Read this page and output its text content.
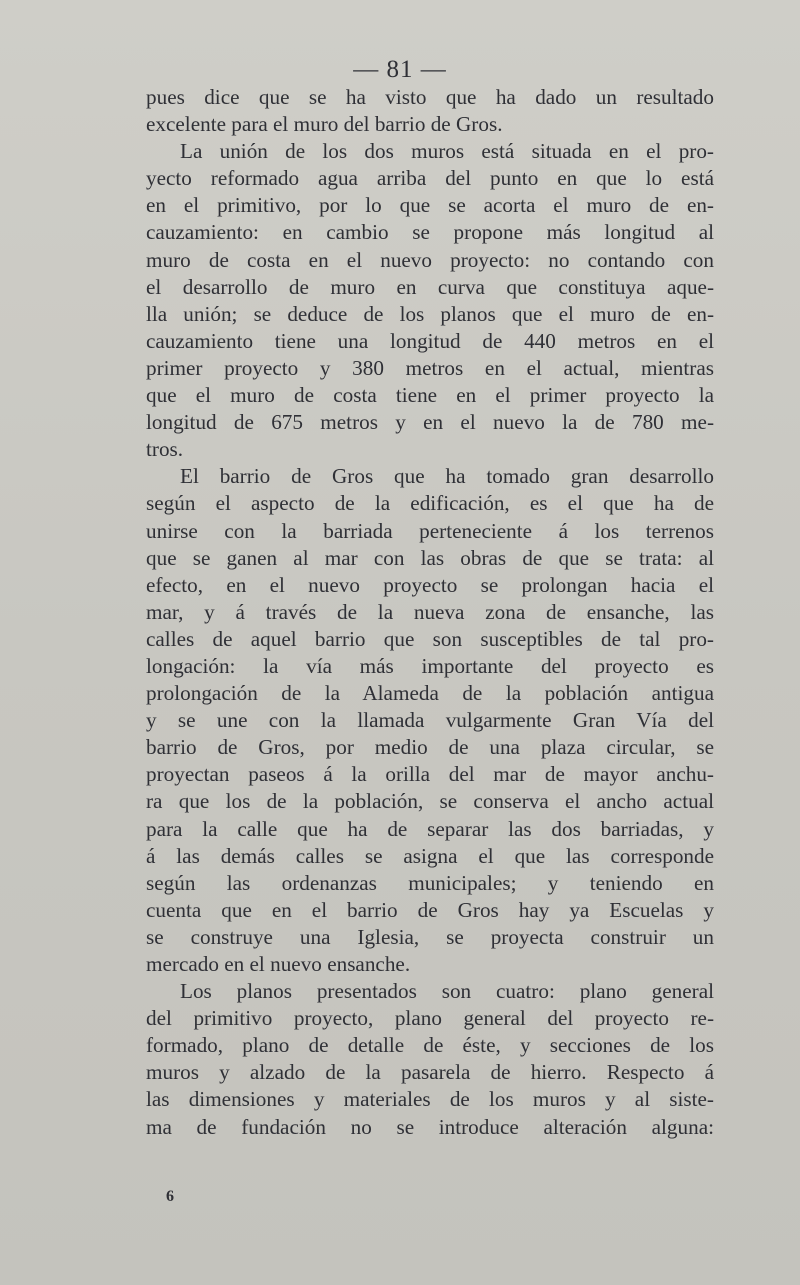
— 81 —
pues dice que se ha visto que ha dado un resultado
excelente para el muro del barrio de Gros.
La unión de los dos muros está situada en el pro-
yecto reformado agua arriba del punto en que lo está
en el primitivo, por lo que se acorta el muro de en-
cauzamiento: en cambio se propone más longitud al
muro de costa en el nuevo proyecto: no contando con
el desarrollo de muro en curva que constituya aque-
lla unión; se deduce de los planos que el muro de en-
cauzamiento tiene una longitud de 440 metros en el
primer proyecto y 380 metros en el actual, mientras
que el muro de costa tiene en el primer proyecto la
longitud de 675 metros y en el nuevo la de 780 me-
tros.
El barrio de Gros que ha tomado gran desarrollo
según el aspecto de la edificación, es el que ha de
unirse con la barriada perteneciente á los terrenos
que se ganen al mar con las obras de que se trata: al
efecto, en el nuevo proyecto se prolongan hacia el
mar, y á través de la nueva zona de ensanche, las
calles de aquel barrio que son susceptibles de tal pro-
longación: la vía más importante del proyecto es
prolongación de la Alameda de la población antigua
y se une con la llamada vulgarmente Gran Vía del
barrio de Gros, por medio de una plaza circular, se
proyectan paseos á la orilla del mar de mayor anchu-
ra que los de la población, se conserva el ancho actual
para la calle que ha de separar las dos barriadas, y
á las demás calles se asigna el que las corresponde
según las ordenanzas municipales; y teniendo en
cuenta que en el barrio de Gros hay ya Escuelas y
se construye una Iglesia, se proyecta construir un
mercado en el nuevo ensanche.
Los planos presentados son cuatro: plano general
del primitivo proyecto, plano general del proyecto re-
formado, plano de detalle de éste, y secciones de los
muros y alzado de la pasarela de hierro. Respecto á
las dimensiones y materiales de los muros y al siste-
ma de fundación no se introduce alteración alguna:
6
